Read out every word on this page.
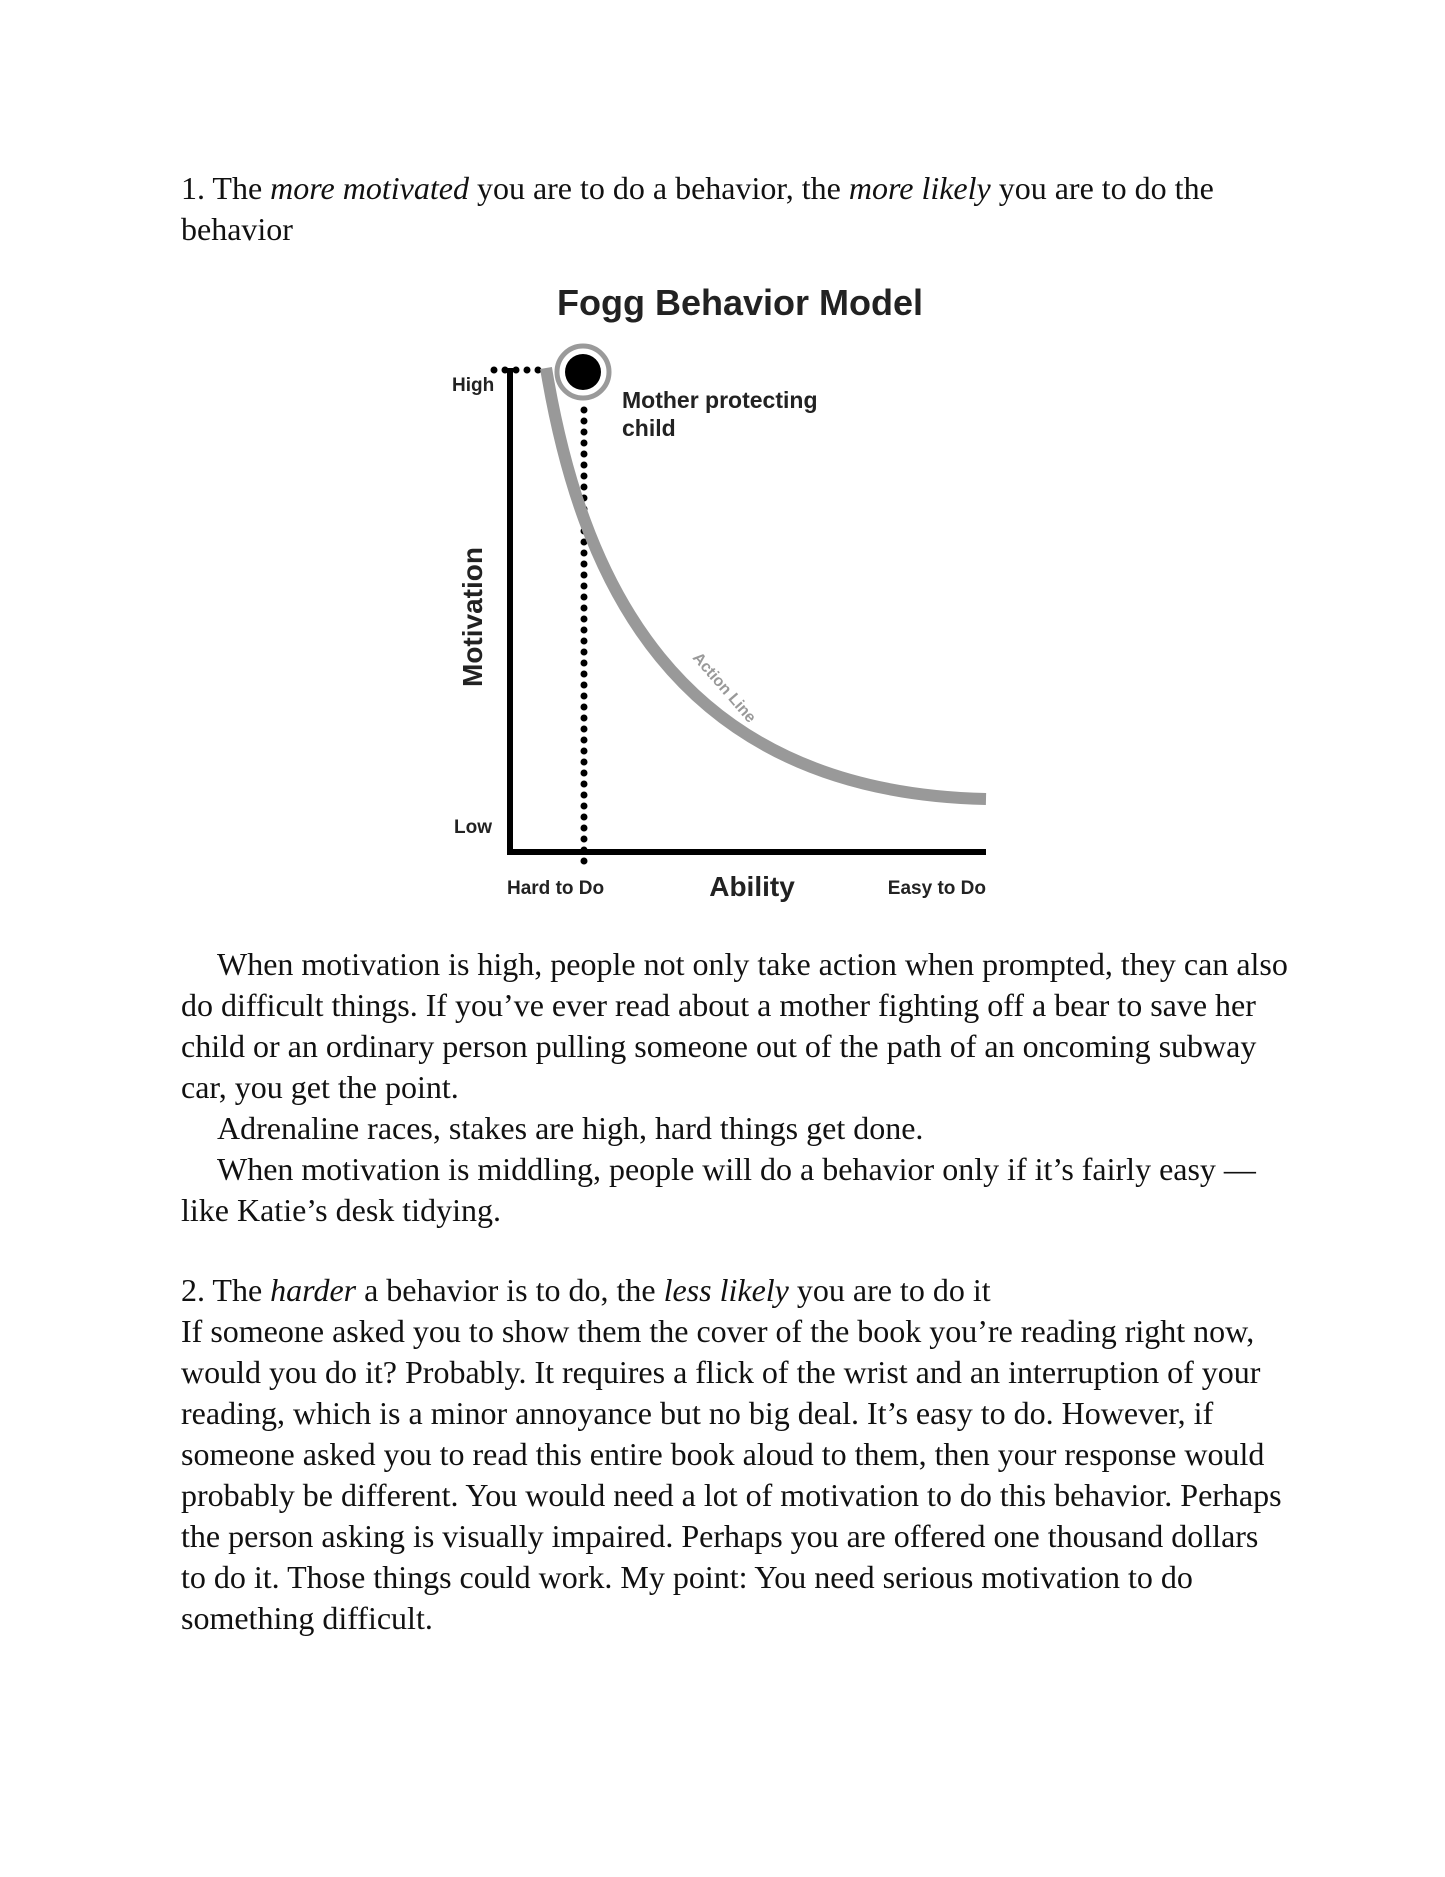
1. The more motivated you are to do a behavior, the more likely you are to do the behavior

Fogg Behavior Model
Mother protecting
child
High
Low
Motivation
Hard to Do	Ability	Easy to Do
Action Line

When motivation is high, people not only take action when prompted, they can also do difficult things. If you’ve ever read about a mother fighting off a bear to save her child or an ordinary person pulling someone out of the path of an oncoming subway car, you get the point.

Adrenaline races, stakes are high, hard things get done.

When motivation is middling, people will do a behavior only if it’s fairly easy — like Katie’s desk tidying.

2. The harder a behavior is to do, the less likely you are to do it

If someone asked you to show them the cover of the book you’re reading right now, would you do it? Probably. It requires a flick of the wrist and an interruption of your reading, which is a minor annoyance but no big deal. It’s easy to do. However, if someone asked you to read this entire book aloud to them, then your response would probably be different. You would need a lot of motivation to do this behavior. Perhaps the person asking is visually impaired. Perhaps you are offered one thousand dollars to do it. Those things could work. My point: You need serious motivation to do something difficult.
